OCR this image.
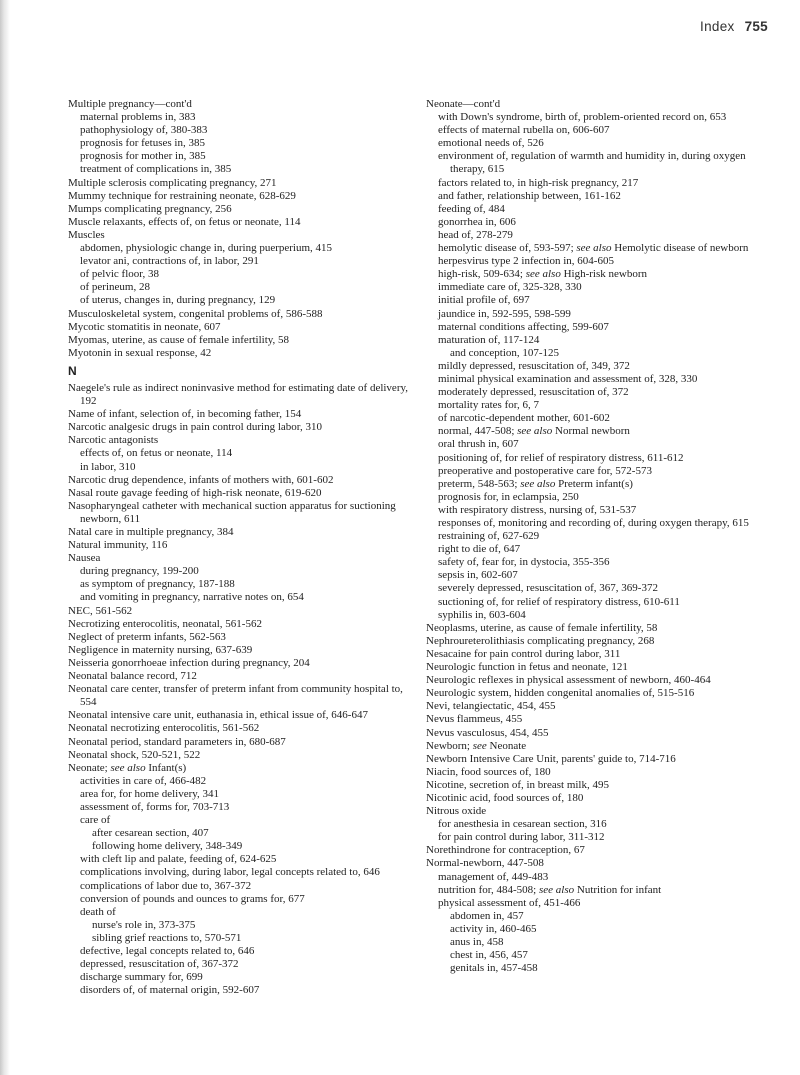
Index 755
Multiple pregnancy—cont'd
maternal problems in, 383
pathophysiology of, 380-383
prognosis for fetuses in, 385
prognosis for mother in, 385
treatment of complications in, 385
Multiple sclerosis complicating pregnancy, 271
Mummy technique for restraining neonate, 628-629
Mumps complicating pregnancy, 256
Muscle relaxants, effects of, on fetus or neonate, 114
Muscles
abdomen, physiologic change in, during puerperium, 415
levator ani, contractions of, in labor, 291
of pelvic floor, 38
of perineum, 28
of uterus, changes in, during pregnancy, 129
Musculoskeletal system, congenital problems of, 586-588
Mycotic stomatitis in neonate, 607
Myomas, uterine, as cause of female infertility, 58
Myotonin in sexual response, 42
N
Naegele's rule as indirect noninvasive method for estimating date of delivery, 192
Name of infant, selection of, in becoming father, 154
Narcotic analgesic drugs in pain control during labor, 310
Narcotic antagonists
effects of, on fetus or neonate, 114
in labor, 310
Narcotic drug dependence, infants of mothers with, 601-602
Nasal route gavage feeding of high-risk neonate, 619-620
Nasopharyngeal catheter with mechanical suction apparatus for suctioning newborn, 611
Natal care in multiple pregnancy, 384
Natural immunity, 116
Nausea
during pregnancy, 199-200
as symptom of pregnancy, 187-188
and vomiting in pregnancy, narrative notes on, 654
NEC, 561-562
Necrotizing enterocolitis, neonatal, 561-562
Neglect of preterm infants, 562-563
Negligence in maternity nursing, 637-639
Neisseria gonorrhoeae infection during pregnancy, 204
Neonatal balance record, 712
Neonatal care center, transfer of preterm infant from community hospital to, 554
Neonatal intensive care unit, euthanasia in, ethical issue of, 646-647
Neonatal necrotizing enterocolitis, 561-562
Neonatal period, standard parameters in, 680-687
Neonatal shock, 520-521, 522
Neonate; see also Infant(s)
activities in care of, 466-482
area for, for home delivery, 341
assessment of, forms for, 703-713
care of
after cesarean section, 407
following home delivery, 348-349
with cleft lip and palate, feeding of, 624-625
complications involving, during labor, legal concepts related to, 646
complications of labor due to, 367-372
conversion of pounds and ounces to grams for, 677
death of
nurse's role in, 373-375
sibling grief reactions to, 570-571
defective, legal concepts related to, 646
depressed, resuscitation of, 367-372
discharge summary for, 699
disorders of, of maternal origin, 592-607
Neonate—cont'd
with Down's syndrome, birth of, problem-oriented record on, 653
effects of maternal rubella on, 606-607
emotional needs of, 526
environment of, regulation of warmth and humidity in, during oxygen therapy, 615
factors related to, in high-risk pregnancy, 217
and father, relationship between, 161-162
feeding of, 484
gonorrhea in, 606
head of, 278-279
hemolytic disease of, 593-597; see also Hemolytic disease of newborn
herpesvirus type 2 infection in, 604-605
high-risk, 509-634; see also High-risk newborn
immediate care of, 325-328, 330
initial profile of, 697
jaundice in, 592-595, 598-599
maternal conditions affecting, 599-607
maturation of, 117-124
and conception, 107-125
mildly depressed, resuscitation of, 349, 372
minimal physical examination and assessment of, 328, 330
moderately depressed, resuscitation of, 372
mortality rates for, 6, 7
of narcotic-dependent mother, 601-602
normal, 447-508; see also Normal newborn
oral thrush in, 607
positioning of, for relief of respiratory distress, 611-612
preoperative and postoperative care for, 572-573
preterm, 548-563; see also Preterm infant(s)
prognosis for, in eclampsia, 250
with respiratory distress, nursing of, 531-537
responses of, monitoring and recording of, during oxygen therapy, 615
restraining of, 627-629
right to die of, 647
safety of, fear for, in dystocia, 355-356
sepsis in, 602-607
severely depressed, resuscitation of, 367, 369-372
suctioning of, for relief of respiratory distress, 610-611
syphilis in, 603-604
Neoplasms, uterine, as cause of female infertility, 58
Nephroureterolithiasis complicating pregnancy, 268
Nesacaine for pain control during labor, 311
Neurologic function in fetus and neonate, 121
Neurologic reflexes in physical assessment of newborn, 460-464
Neurologic system, hidden congenital anomalies of, 515-516
Nevi, telangiectatic, 454, 455
Nevus flammeus, 455
Nevus vasculosus, 454, 455
Newborn; see Neonate
Newborn Intensive Care Unit, parents' guide to, 714-716
Niacin, food sources of, 180
Nicotine, secretion of, in breast milk, 495
Nicotinic acid, food sources of, 180
Nitrous oxide
for anesthesia in cesarean section, 316
for pain control during labor, 311-312
Norethindrone for contraception, 67
Normal-newborn, 447-508
management of, 449-483
nutrition for, 484-508; see also Nutrition for infant
physical assessment of, 451-466
abdomen in, 457
activity in, 460-465
anus in, 458
chest in, 456, 457
genitals in, 457-458
